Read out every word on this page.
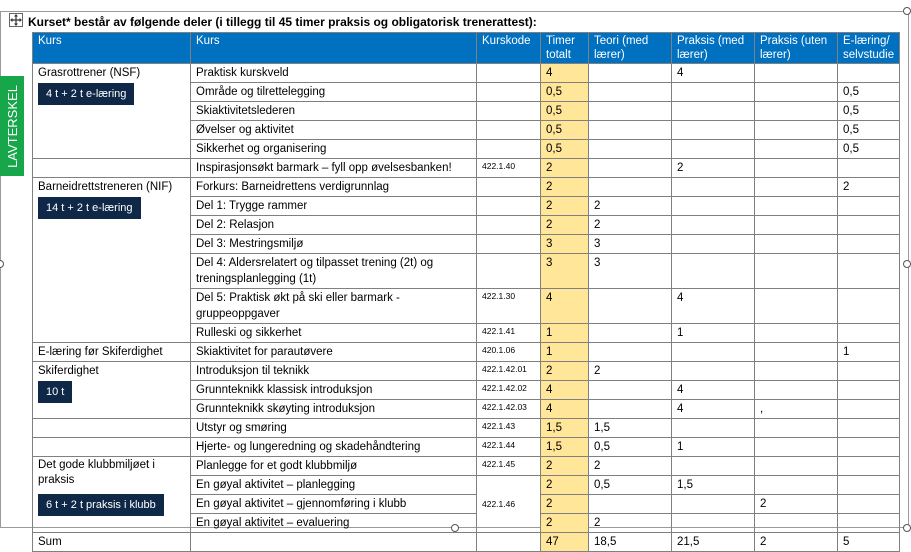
Kurset* består av følgende deler (i tillegg til 45 timer praksis og obligatorisk trenerattest):
LAVTERSKEL
Kurs	Kurs	Kurskode	Timer totalt	Teori (med lærer)	Praksis (med lærer)	Praksis (uten lærer)	E-læring/ selvstudie

Grasrottrener (NSF)
4 t + 2 t e-læring	Praktisk kurskveld		4		4		
	Område og tilrettelegging		0,5				0,5
	Skiaktivitetslederen		0,5				0,5
	Øvelser og aktivitet		0,5				0,5
	Sikkerhet og organisering		0,5				0,5
	Inspirasjonsøkt barmark – fyll opp øvelsesbanken!	422.1.40	2		2		

Barneidrettstreneren (NIF)
14 t + 2 t e-læring	Forkurs: Barneidrettens verdigrunnlag		2				2
	Del 1: Trygge rammer		2	2			
	Del 2: Relasjon		2	2			
	Del 3: Mestringsmiljø		3	3			
	Del 4: Aldersrelatert og tilpasset trening (2t) og treningsplanlegging (1t)		3	3			
	Del 5: Praktisk økt på ski eller barmark - gruppeoppgaver	422.1.30	4		4		
	Rulleski og sikkerhet	422.1.41	1		1		

E-læring før Skiferdighet	Skiaktivitet for parautøvere	420.1.06	1				1

Skiferdighet
10 t	Introduksjon til teknikk	422.1.42.01	2	2			
	Grunnteknikk klassisk introduksjon	422.1.42.02	4		4		
	Grunnteknikk skøyting introduksjon	422.1.42.03	4		4	,	
	Utstyr og smøring	422.1.43	1,5	1,5			
	Hjerte- og lungeredning og skadehåndtering	422.1.44	1,5	0,5	1		

Det gode klubbmiljøet i praksis
6 t + 2 t praksis i klubb	Planlegge for et godt klubbmiljø	422.1.45	2	2			
	En gøyal aktivitet – planlegging	422.1.46	2	0,5	1,5		
	En gøyal aktivitet – gjennomføring i klubb		2			2	
	En gøyal aktivitet – evaluering		2	2			
Sum			47	18,5	21,5	2	5
